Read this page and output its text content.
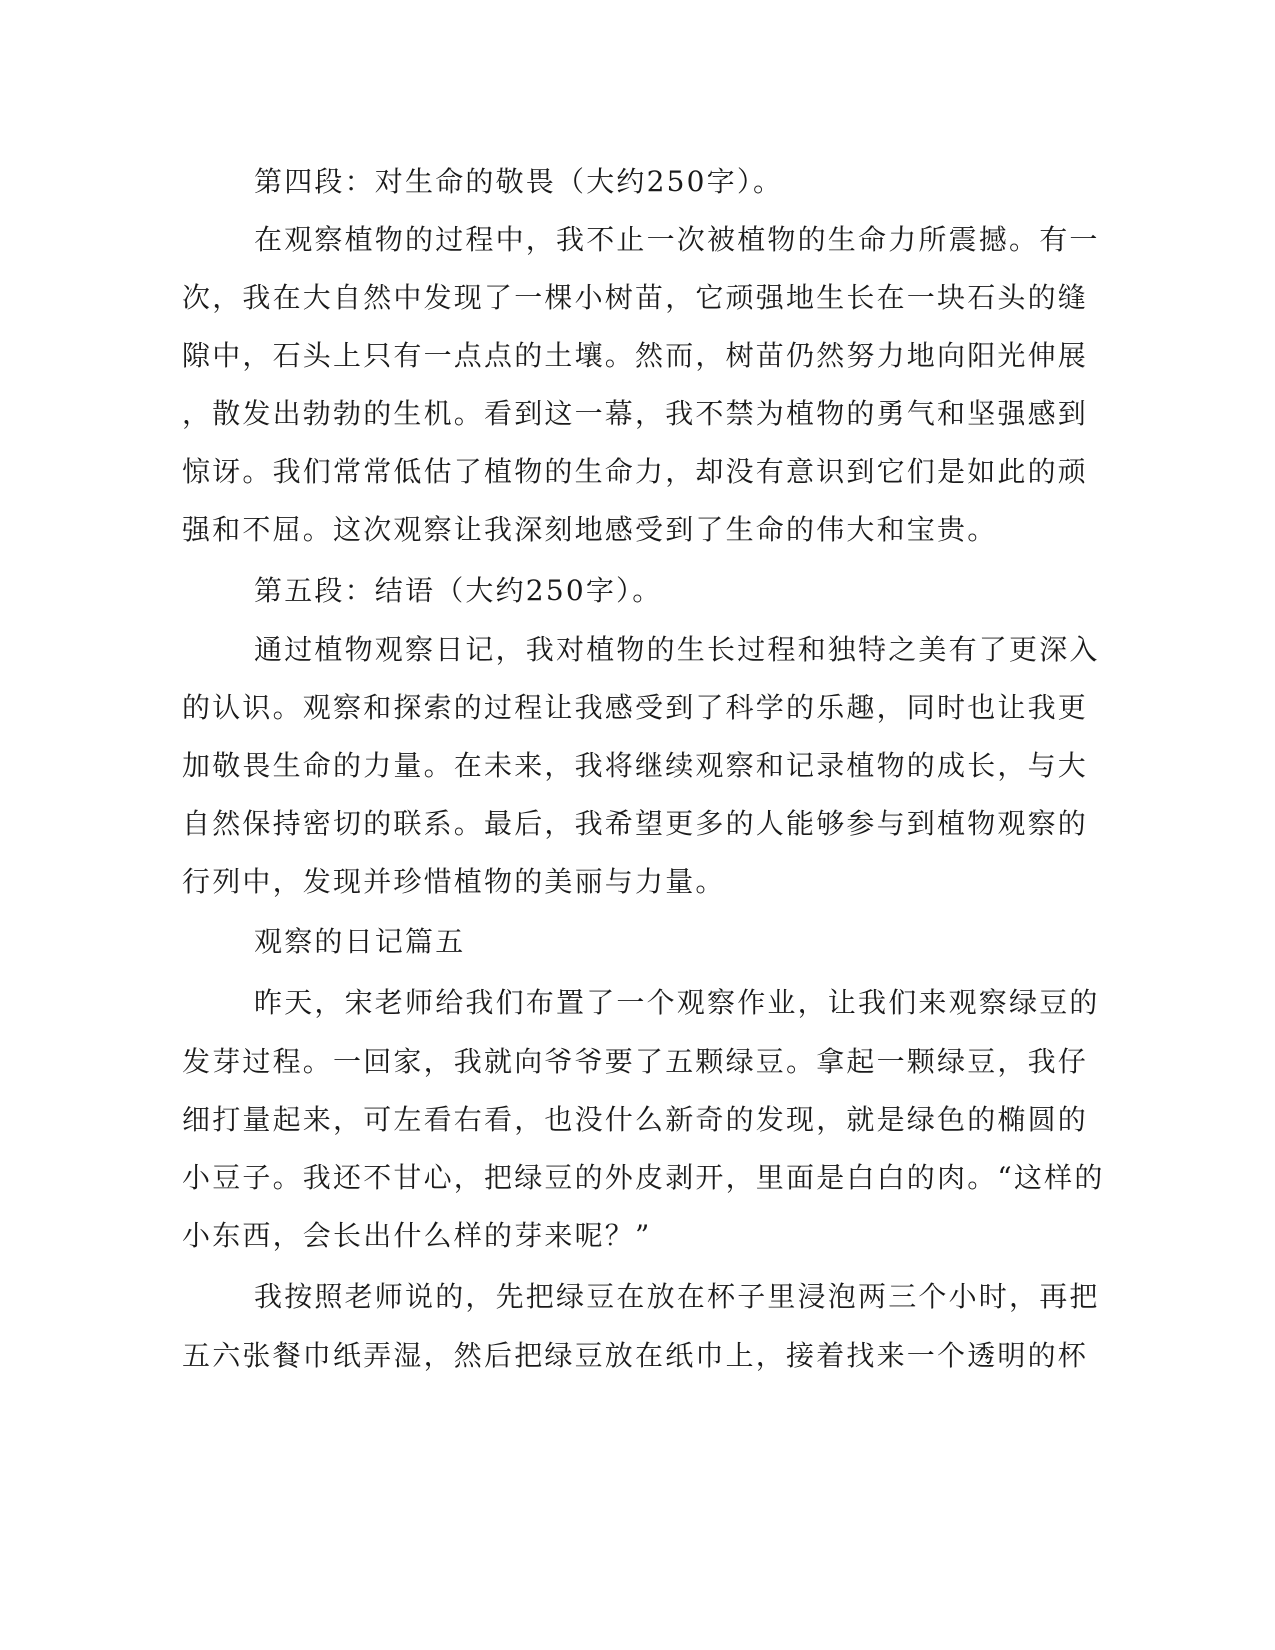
第四段：对生命的敬畏（大约250字）。
在观察植物的过程中，我不止一次被植物的生命力所震撼。有一
次，我在大自然中发现了一棵小树苗，它顽强地生长在一块石头的缝
隙中，石头上只有一点点的土壤。然而，树苗仍然努力地向阳光伸展
，散发出勃勃的生机。看到这一幕，我不禁为植物的勇气和坚强感到
惊讶。我们常常低估了植物的生命力，却没有意识到它们是如此的顽
强和不屈。这次观察让我深刻地感受到了生命的伟大和宝贵。
第五段：结语（大约250字）。
通过植物观察日记，我对植物的生长过程和独特之美有了更深入
的认识。观察和探索的过程让我感受到了科学的乐趣，同时也让我更
加敬畏生命的力量。在未来，我将继续观察和记录植物的成长，与大
自然保持密切的联系。最后，我希望更多的人能够参与到植物观察的
行列中，发现并珍惜植物的美丽与力量。
观察的日记篇五
昨天，宋老师给我们布置了一个观察作业，让我们来观察绿豆的
发芽过程。一回家，我就向爷爷要了五颗绿豆。拿起一颗绿豆，我仔
细打量起来，可左看右看，也没什么新奇的发现，就是绿色的椭圆的
小豆子。我还不甘心，把绿豆的外皮剥开，里面是白白的肉。“这样的
小东西，会长出什么样的芽来呢？”
我按照老师说的，先把绿豆在放在杯子里浸泡两三个小时，再把
五六张餐巾纸弄湿，然后把绿豆放在纸巾上，接着找来一个透明的杯
